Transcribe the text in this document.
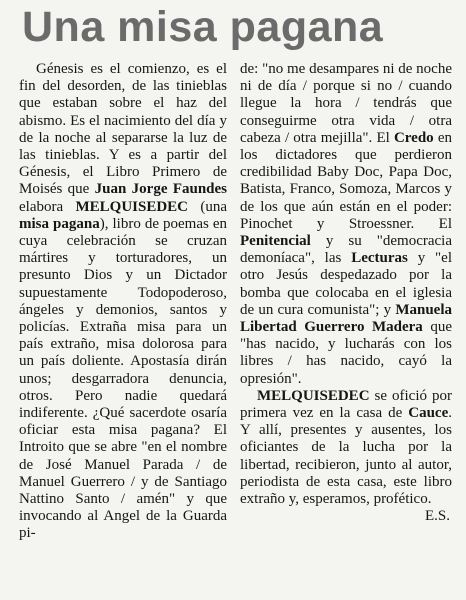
Una misa pagana

Génesis es el comienzo, es el fin del desorden, de las tinieblas que estaban sobre el haz del abismo. Es el nacimiento del día y de la noche al separarse la luz de las tinieblas. Y es a partir del Génesis, el Libro Primero de Moisés que Juan Jorge Faundes elabora MELQUISEDEC (una misa pagana), libro de poemas en cuya celebración se cruzan mártires y torturadores, un presunto Dios y un Dictador supuestamente Todopoderoso, ángeles y demonios, santos y policías. Extraña misa para un país extraño, misa dolorosa para un país doliente. Apostasía dirán unos; desgarradora denuncia, otros. Pero nadie quedará indiferente. ¿Qué sacerdote osaría oficiar esta misa pagana? El Introito que se abre "en el nombre de José Manuel Parada / de Manuel Guerrero / y de Santiago Nattino Santo / amén" y que invocando al Angel de la Guarda pi-

de: "no me desampares ni de noche ni de día / porque si no / cuando llegue la hora / tendrás que conseguirme otra vida / otra cabeza / otra mejilla". El Credo en los dictadores que perdieron credibilidad Baby Doc, Papa Doc, Batista, Franco, Somoza, Marcos y de los que aún están en el poder: Pinochet y Stroessner. El Penitencial y su "democracia demoníaca", las Lecturas y "el otro Jesús despedazado por la bomba que colocaba en el iglesia de un cura comunista"; y Manuela Libertad Guerrero Madera que "has nacido, y lucharás con los libres / has nacido, cayó la opresión".

MELQUISEDEC se ofició por primera vez en la casa de Cauce. Y allí, presentes y ausentes, los oficiantes de la lucha por la libertad, recibieron, junto al autor, periodista de esta casa, este libro extraño y, esperamos, profético.

E.S.
